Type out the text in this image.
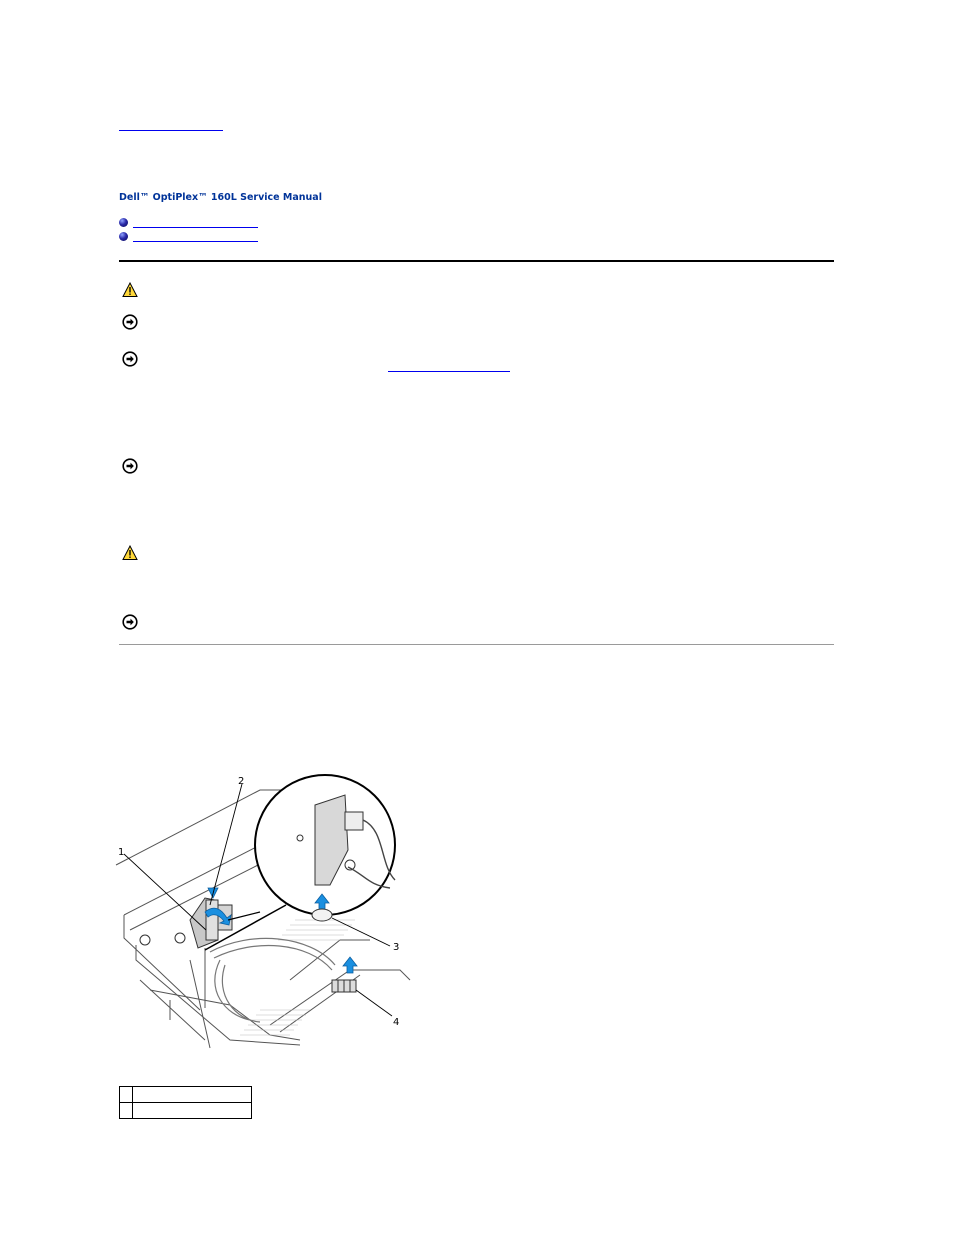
Dell™ OptiPlex™ 160L Service Manual
1
2
3
4
